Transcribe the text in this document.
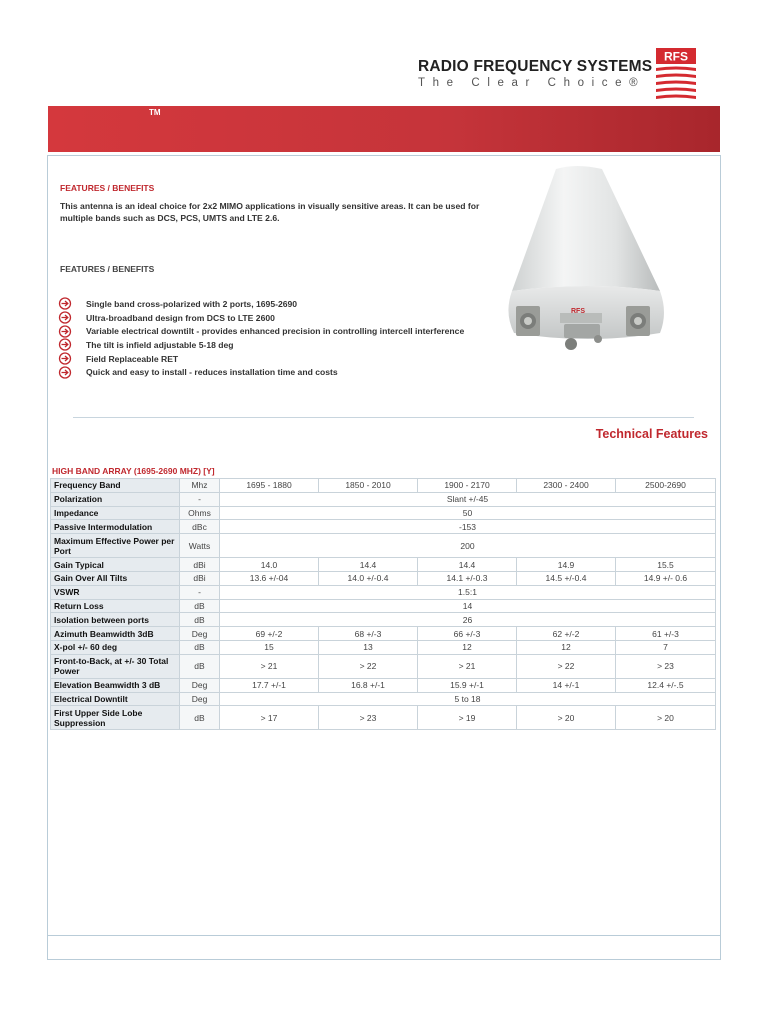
RADIO FREQUENCY SYSTEMS
The Clear Choice®
RFS
TM
FEATURES / BENEFITS
This antenna is an ideal choice for 2x2 MIMO applications in visually sensitive areas. It can be used for multiple bands such as DCS, PCS, UMTS and LTE 2.6.
FEATURES / BENEFITS
Single band cross-polarized with 2 ports, 1695-2690
Ultra-broadband design from DCS to LTE 2600
Variable electrical downtilt - provides enhanced precision in controlling intercell interference
The tilt is infield adjustable 5-18 deg
Field Replaceable RET
Quick and easy to install - reduces installation time and costs
RFS
Technical Features
HIGH BAND ARRAY (1695-2690 MHZ) [Y]
Frequency Band	Mhz	1695 - 1880	1850 - 2010	1900 - 2170	2300 - 2400	2500-2690
Polarization	-	Slant +/-45				
Impedance	Ohms	50				
Passive Intermodulation	dBc	-153				
Maximum Effective Power per Port	Watts	200				
Gain Typical	dBi	14.0	14.4	14.4	14.9	15.5
Gain Over All Tilts	dBi	13.6 +/-04	14.0 +/-0.4	14.1 +/-0.3	14.5 +/-0.4	14.9 +/- 0.6
VSWR	-	1.5:1				
Return Loss	dB	14				
Isolation between ports	dB	26				
Azimuth Beamwidth 3dB	Deg	69 +/-2	68 +/-3	66 +/-3	62 +/-2	61 +/-3
X-pol +/- 60 deg	dB	15	13	12	12	7
Front-to-Back, at +/- 30 Total Power	dB	> 21	> 22	> 21	> 22	> 23
Elevation Beamwidth 3 dB	Deg	17.7 +/-1	16.8 +/-1	15.9 +/-1	14 +/-1	12.4 +/-.5
Electrical Downtilt	Deg	5 to 18				
First Upper Side Lobe Suppression	dB	> 17	> 23	> 19	> 20	> 20
